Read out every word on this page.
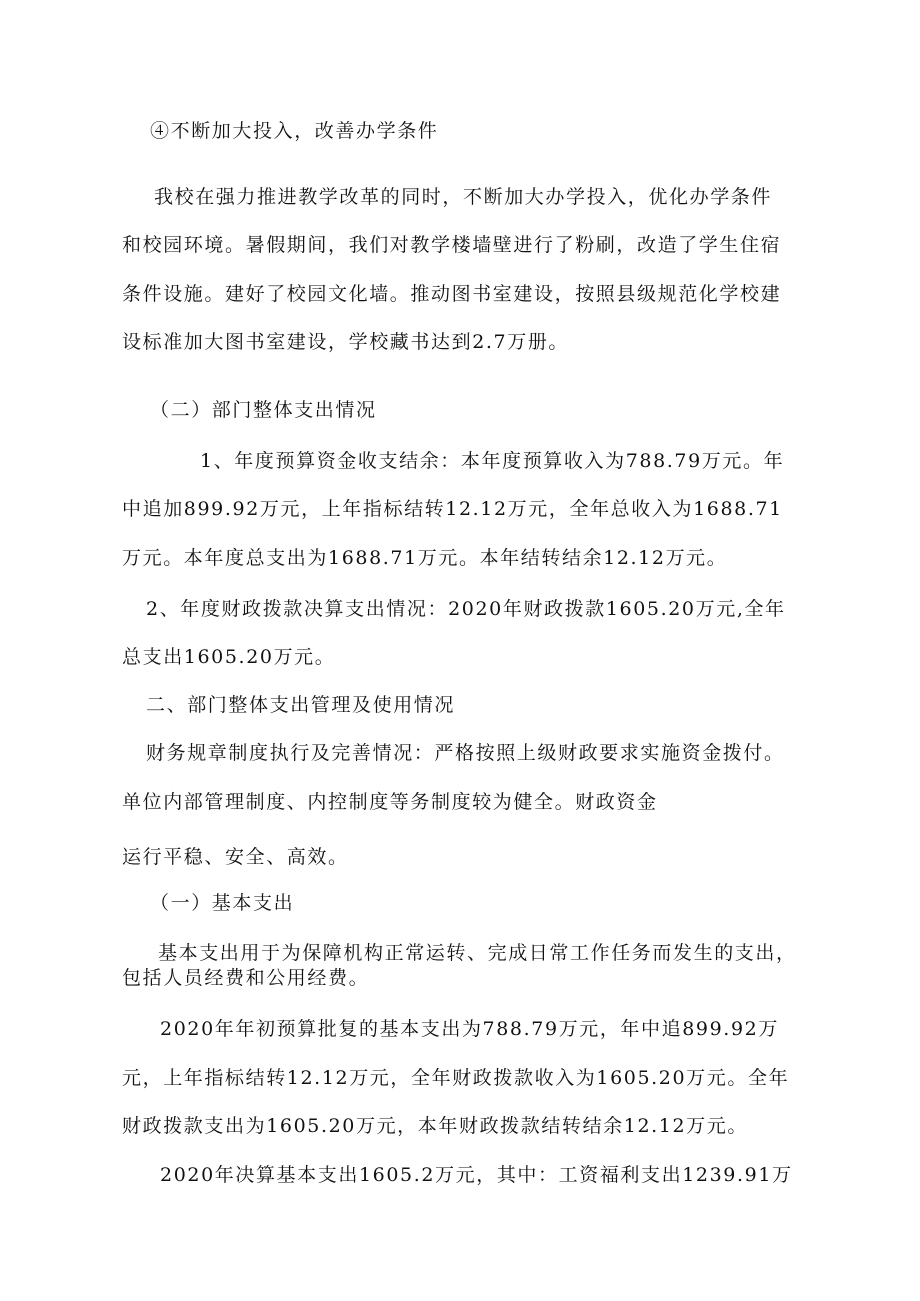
④不断加大投入，改善办学条件
我校在强力推进教学改革的同时，不断加大办学投入，优化办学条件
和校园环境。暑假期间，我们对教学楼墙壁进行了粉刷，改造了学生住宿
条件设施。建好了校园文化墙。推动图书室建设，按照县级规范化学校建
设标准加大图书室建设，学校藏书达到2.7万册。
（二）部门整体支出情况
1、年度预算资金收支结余：本年度预算收入为788.79万元。年
中追加899.92万元，上年指标结转12.12万元，全年总收入为1688.71
万元。本年度总支出为1688.71万元。本年结转结余12.12万元。
2、年度财政拨款决算支出情况：2020年财政拨款1605.20万元,全年
总支出1605.20万元。
二、部门整体支出管理及使用情况
财务规章制度执行及完善情况：严格按照上级财政要求实施资金拨付。
单位内部管理制度、内控制度等务制度较为健全。财政资金
运行平稳、安全、高效。
（一）基本支出
基本支出用于为保障机构正常运转、完成日常工作任务而发生的支出，
包括人员经费和公用经费。
2020年年初预算批复的基本支出为788.79万元，年中追899.92万
元，上年指标结转12.12万元，全年财政拨款收入为1605.20万元。全年
财政拨款支出为1605.20万元，本年财政拨款结转结余12.12万元。
2020年决算基本支出1605.2万元，其中：工资福利支出1239.91万
